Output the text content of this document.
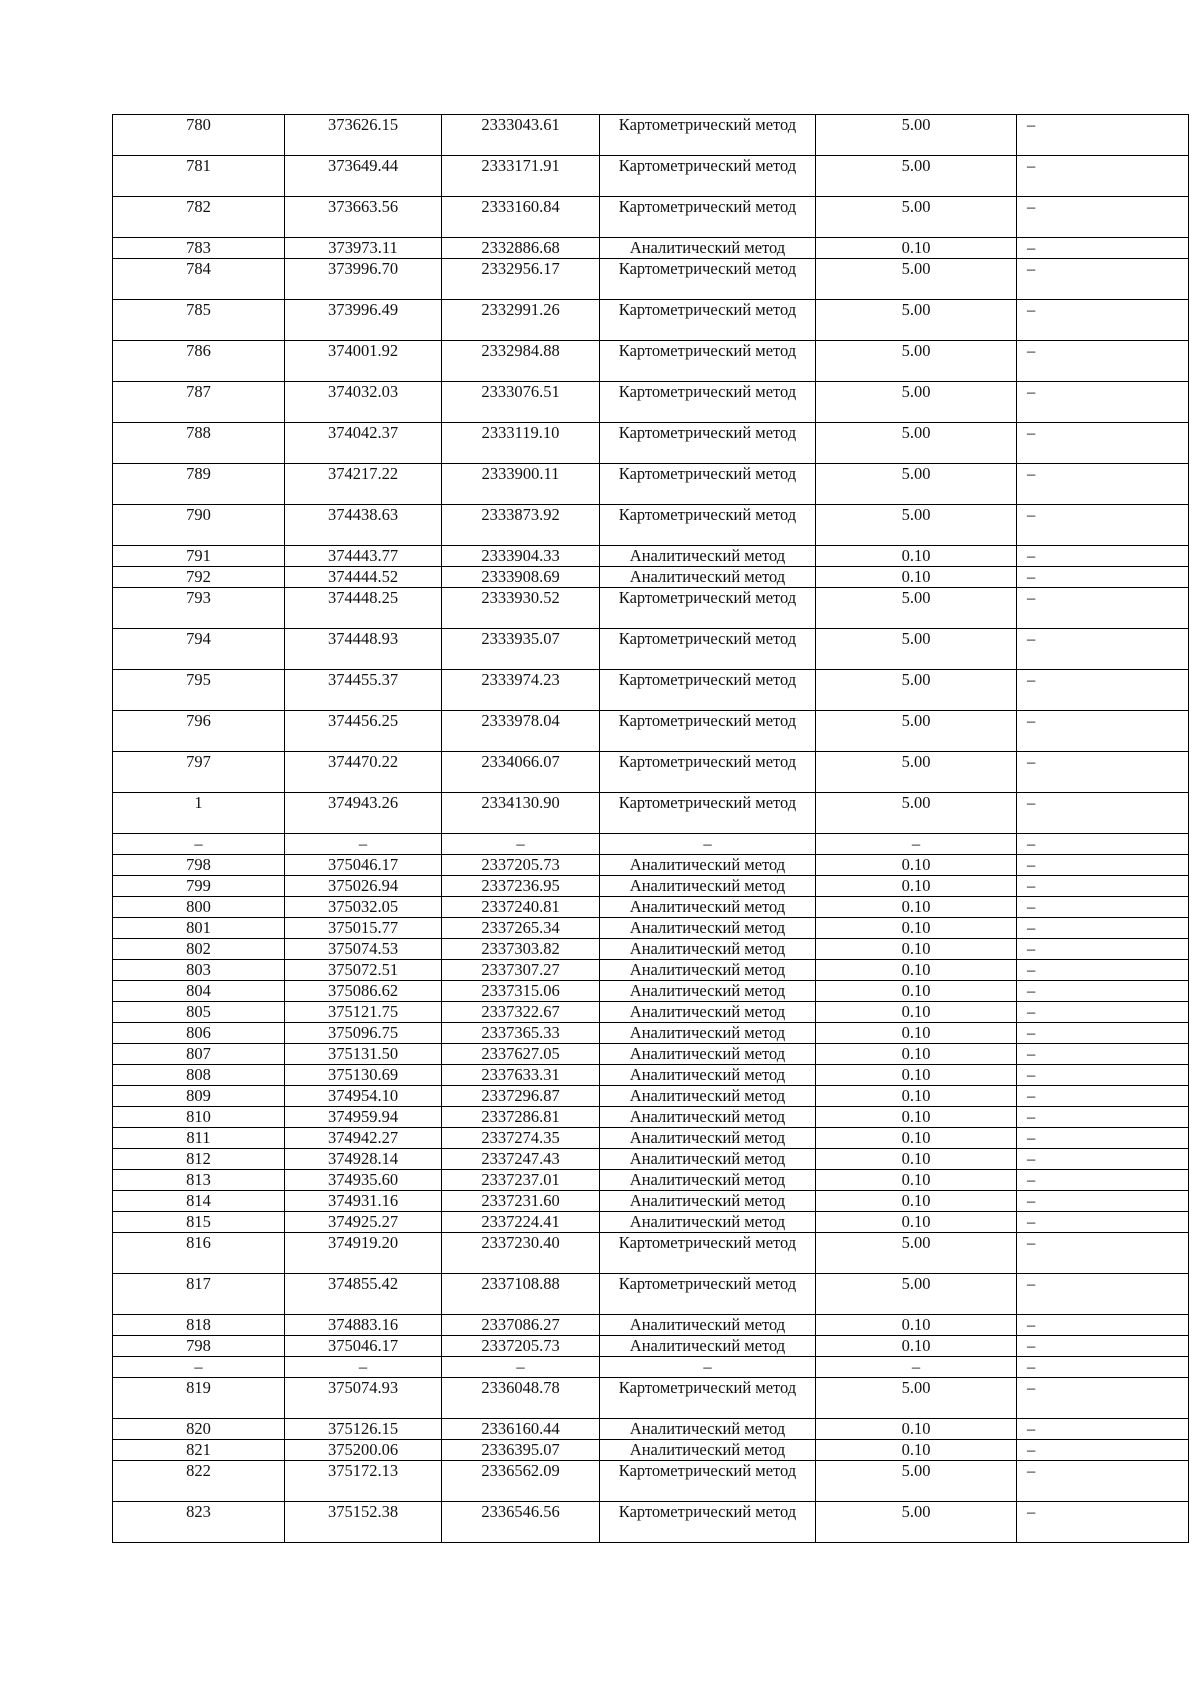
780	373626.15	2333043.61	Картометрический метод	5.00	–
781	373649.44	2333171.91	Картометрический метод	5.00	–
782	373663.56	2333160.84	Картометрический метод	5.00	–
783	373973.11	2332886.68	Аналитический метод	0.10	–
784	373996.70	2332956.17	Картометрический метод	5.00	–
785	373996.49	2332991.26	Картометрический метод	5.00	–
786	374001.92	2332984.88	Картометрический метод	5.00	–
787	374032.03	2333076.51	Картометрический метод	5.00	–
788	374042.37	2333119.10	Картометрический метод	5.00	–
789	374217.22	2333900.11	Картометрический метод	5.00	–
790	374438.63	2333873.92	Картометрический метод	5.00	–
791	374443.77	2333904.33	Аналитический метод	0.10	–
792	374444.52	2333908.69	Аналитический метод	0.10	–
793	374448.25	2333930.52	Картометрический метод	5.00	–
794	374448.93	2333935.07	Картометрический метод	5.00	–
795	374455.37	2333974.23	Картометрический метод	5.00	–
796	374456.25	2333978.04	Картометрический метод	5.00	–
797	374470.22	2334066.07	Картометрический метод	5.00	–
1	374943.26	2334130.90	Картометрический метод	5.00	–
–	–	–	–	–	–
798	375046.17	2337205.73	Аналитический метод	0.10	–
799	375026.94	2337236.95	Аналитический метод	0.10	–
800	375032.05	2337240.81	Аналитический метод	0.10	–
801	375015.77	2337265.34	Аналитический метод	0.10	–
802	375074.53	2337303.82	Аналитический метод	0.10	–
803	375072.51	2337307.27	Аналитический метод	0.10	–
804	375086.62	2337315.06	Аналитический метод	0.10	–
805	375121.75	2337322.67	Аналитический метод	0.10	–
806	375096.75	2337365.33	Аналитический метод	0.10	–
807	375131.50	2337627.05	Аналитический метод	0.10	–
808	375130.69	2337633.31	Аналитический метод	0.10	–
809	374954.10	2337296.87	Аналитический метод	0.10	–
810	374959.94	2337286.81	Аналитический метод	0.10	–
811	374942.27	2337274.35	Аналитический метод	0.10	–
812	374928.14	2337247.43	Аналитический метод	0.10	–
813	374935.60	2337237.01	Аналитический метод	0.10	–
814	374931.16	2337231.60	Аналитический метод	0.10	–
815	374925.27	2337224.41	Аналитический метод	0.10	–
816	374919.20	2337230.40	Картометрический метод	5.00	–
817	374855.42	2337108.88	Картометрический метод	5.00	–
818	374883.16	2337086.27	Аналитический метод	0.10	–
798	375046.17	2337205.73	Аналитический метод	0.10	–
–	–	–	–	–	–
819	375074.93	2336048.78	Картометрический метод	5.00	–
820	375126.15	2336160.44	Аналитический метод	0.10	–
821	375200.06	2336395.07	Аналитический метод	0.10	–
822	375172.13	2336562.09	Картометрический метод	5.00	–
823	375152.38	2336546.56	Картометрический метод	5.00	–
